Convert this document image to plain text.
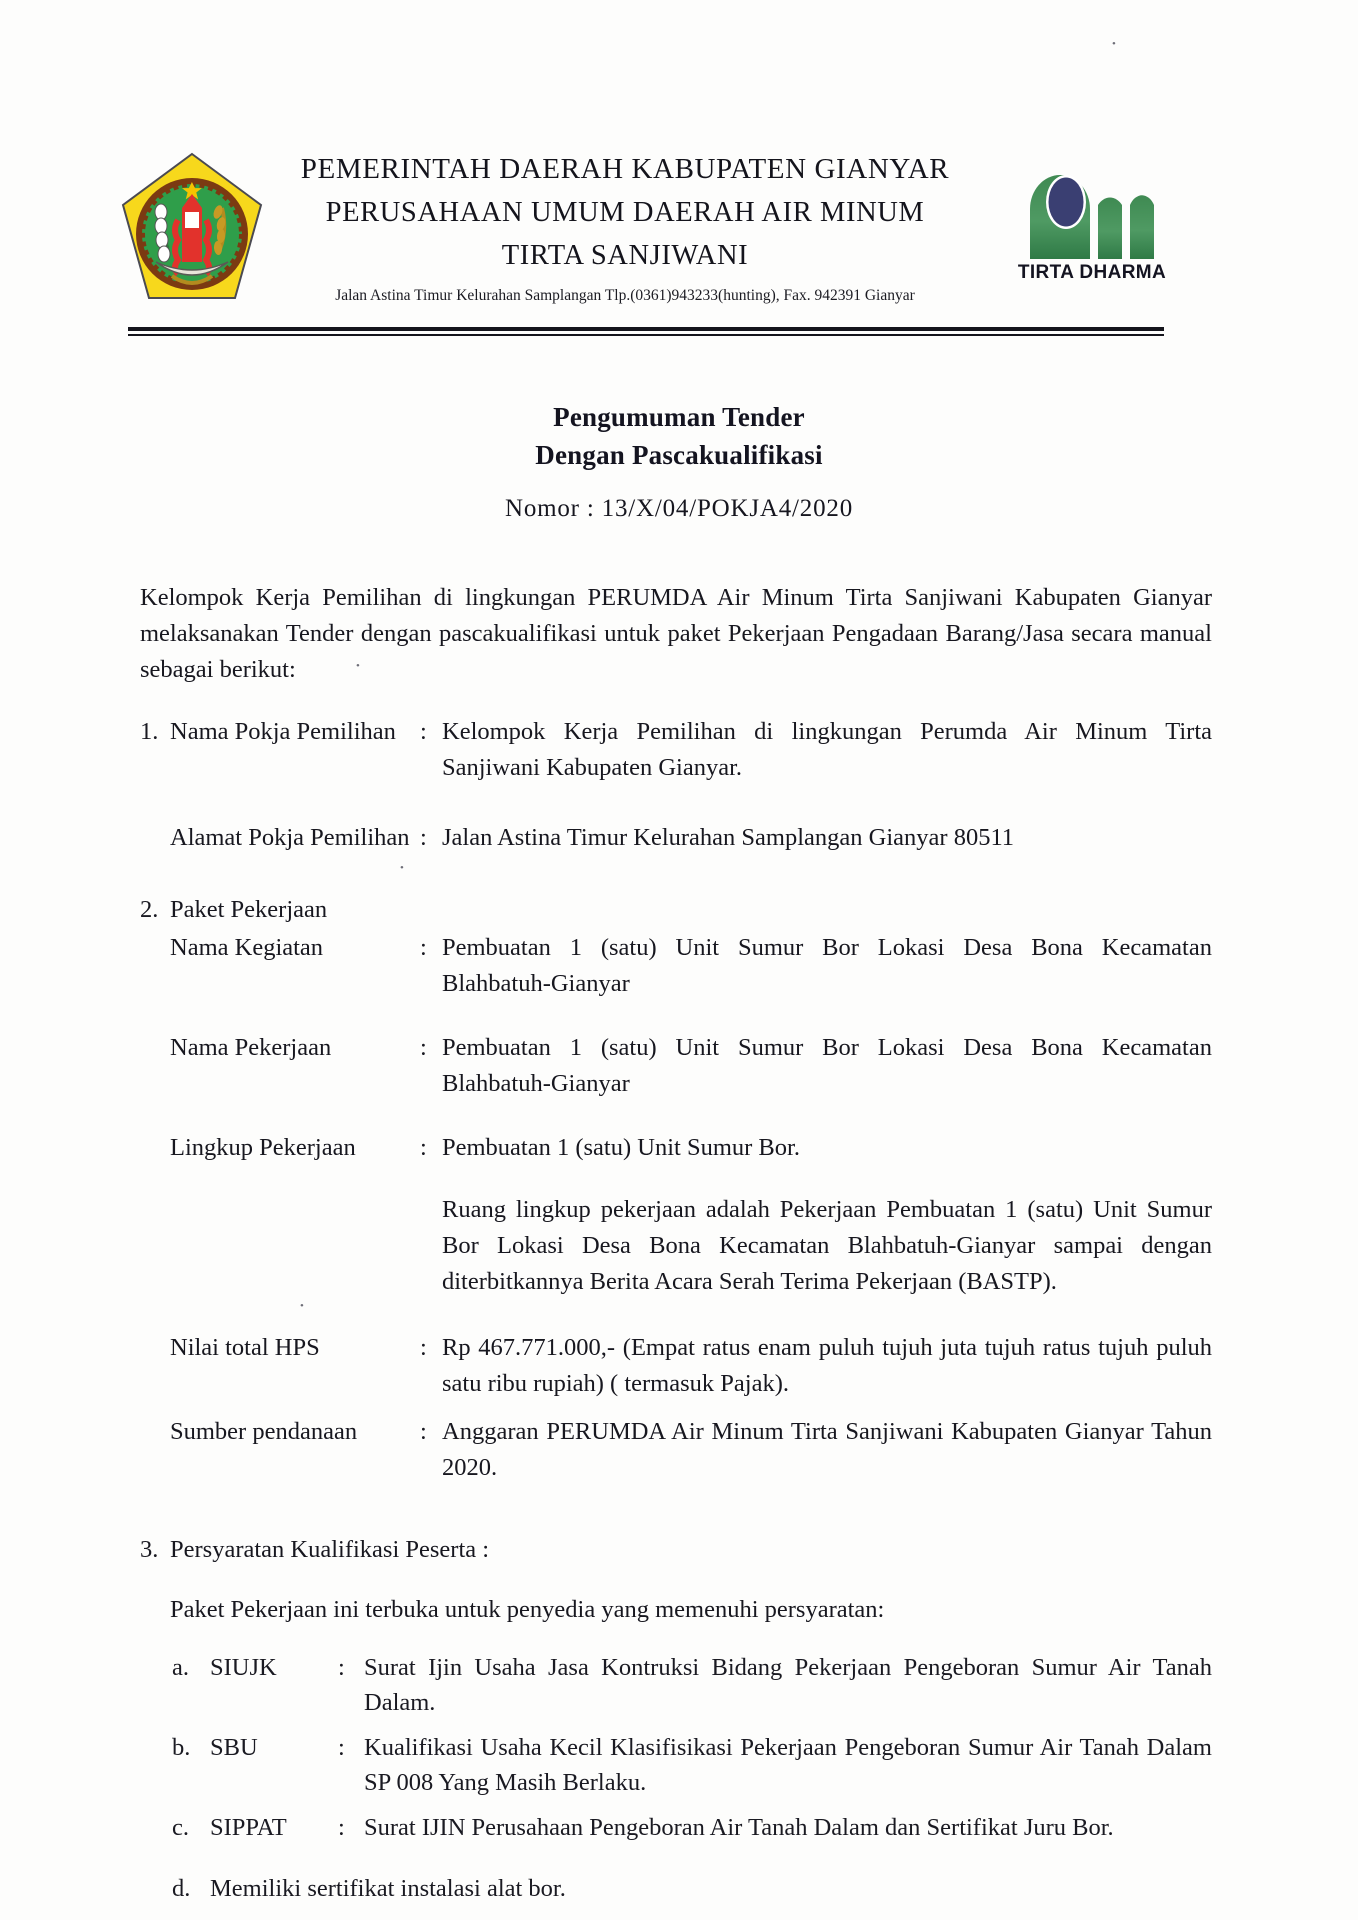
PEMERINTAH DAERAH KABUPATEN GIANYAR
PERUSAHAAN UMUM DAERAH AIR MINUM
TIRTA SANJIWANI
Jalan Astina Timur Kelurahan Samplangan Tlp.(0361)943233(hunting), Fax. 942391 Gianyar
TIRTA DHARMA
Pengumuman Tender
Dengan Pascakualifikasi
Nomor : 13/X/04/POKJA4/2020

Kelompok Kerja Pemilihan di lingkungan PERUMDA Air Minum Tirta Sanjiwani Kabupaten Gianyar melaksanakan Tender dengan pascakualifikasi untuk paket Pekerjaan Pengadaan Barang/Jasa secara manual sebagai berikut:

1. Nama Pokja Pemilihan : Kelompok Kerja Pemilihan di lingkungan Perumda Air Minum Tirta Sanjiwani Kabupaten Gianyar.
Alamat Pokja Pemilihan : Jalan Astina Timur Kelurahan Samplangan Gianyar 80511
2. Paket Pekerjaan
Nama Kegiatan	: Pembuatan 1 (satu) Unit Sumur Bor Lokasi Desa Bona Kecamatan Blahbatuh-Gianyar
Nama Pekerjaan	: Pembuatan 1 (satu) Unit Sumur Bor Lokasi Desa Bona Kecamatan Blahbatuh-Gianyar
Lingkup Pekerjaan	: Pembuatan 1 (satu) Unit Sumur Bor.
Ruang lingkup pekerjaan adalah Pekerjaan Pembuatan 1 (satu) Unit Sumur Bor Lokasi Desa Bona Kecamatan Blahbatuh-Gianyar sampai dengan diterbitkannya Berita Acara Serah Terima Pekerjaan (BASTP).
Nilai total HPS	: Rp 467.771.000,- (Empat ratus enam puluh tujuh juta tujuh ratus tujuh puluh satu ribu rupiah) ( termasuk Pajak).
Sumber pendanaan	: Anggaran PERUMDA Air Minum Tirta Sanjiwani Kabupaten Gianyar Tahun 2020.
3. Persyaratan Kualifikasi Peserta :
Paket Pekerjaan ini terbuka untuk penyedia yang memenuhi persyaratan:
a. SIUJK	: Surat Ijin Usaha Jasa Kontruksi Bidang Pekerjaan Pengeboran Sumur Air Tanah Dalam.
b. SBU	: Kualifikasi Usaha Kecil Klasifisikasi Pekerjaan Pengeboran Sumur Air Tanah Dalam SP 008 Yang Masih Berlaku.
c. SIPPAT	: Surat IJIN Perusahaan Pengeboran Air Tanah Dalam dan Sertifikat Juru Bor.
d. Memiliki sertifikat instalasi alat bor.
•
•
•
•
